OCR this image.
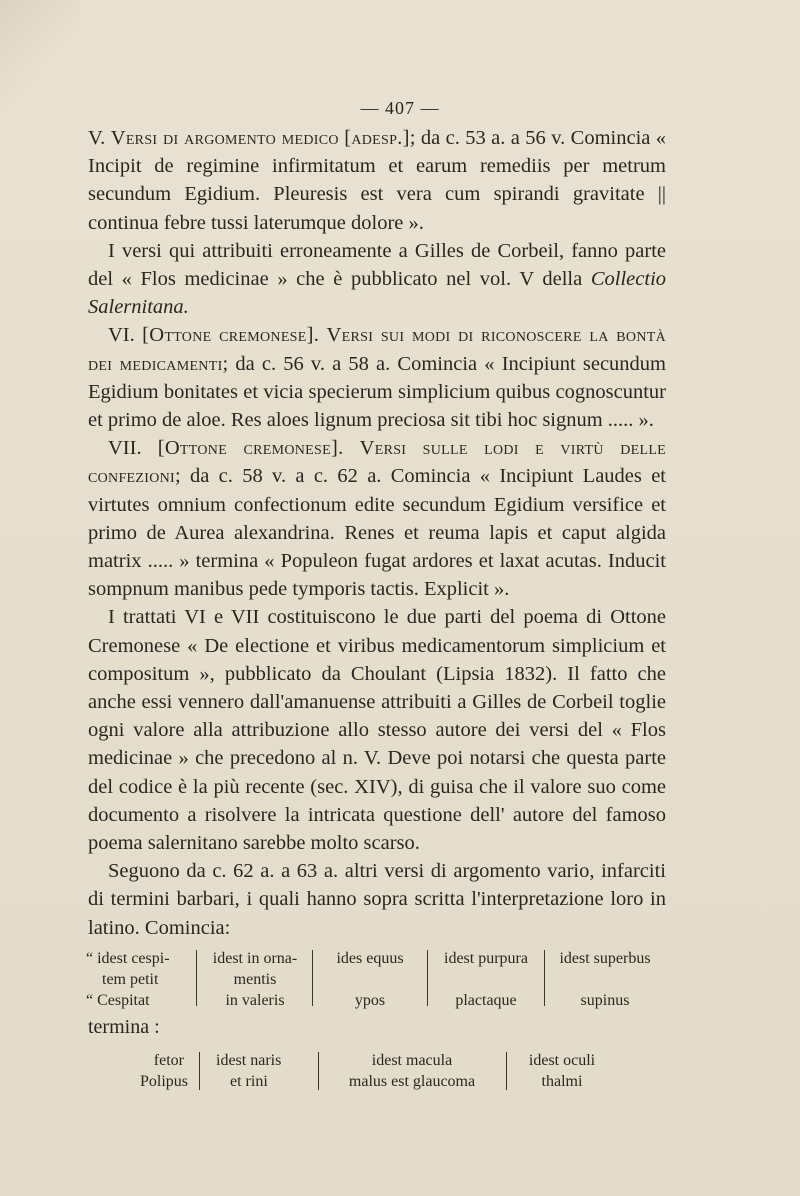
— 407 —

V. Versi di argomento medico [adesp.]; da c. 53 a. a 56 v. Comincia « Incipit de regimine infirmitatum et earum remediis per metrum secundum Egidium. Pleuresis est vera cum spirandi gravitate || continua febre tussi laterumque dolore ».

I versi qui attribuiti erroneamente a Gilles de Corbeil, fanno parte del « Flos medicinae » che è pubblicato nel vol. V della Collectio Salernitana.

VI. [Ottone cremonese]. Versi sui modi di riconoscere la bontà dei medicamenti; da c. 56 v. a 58 a. Comincia « Incipiunt secundum Egidium bonitates et vicia specierum simplicium quibus cognoscuntur et primo de aloe. Res aloes lignum preciosa sit tibi hoc signum ..... ».

VII. [Ottone cremonese]. Versi sulle lodi e virtù delle confezioni; da c. 58 v. a c. 62 a. Comincia « Incipiunt Laudes et virtutes omnium confectionum edite secundum Egidium versifice et primo de Aurea alexandrina. Renes et reuma lapis et caput algida matrix ..... » termina « Populeon fugat ardores et laxat acutas. Inducit sompnum manibus pede tymporis tactis. Explicit ».

I trattati VI e VII costituiscono le due parti del poema di Ottone Cremonese « De electione et viribus medicamentorum simplicium et compositum », pubblicato da Choulant (Lipsia 1832). Il fatto che anche essi vennero dall'amanuense attribuiti a Gilles de Corbeil toglie ogni valore alla attribuzione allo stesso autore dei versi del « Flos medicinae » che precedono al n. V. Deve poi notarsi che questa parte del codice è la più recente (sec. XIV), di guisa che il valore suo come documento a risolvere la intricata questione dell' autore del famoso poema salernitano sarebbe molto scarso.

Seguono da c. 62 a. a 63 a. altri versi di argomento vario, infarciti di termini barbari, i quali hanno sopra scritta l'interpretazione loro in latino. Comincia:

“ idest cespi-
tem petit
“ Cespitat
idest in orna-
mentis
in valeris
ides equus
ypos
idest purpura
plactaque
idest superbus
supinus
termina :
fetor
Polipus
idest naris
et rini
idest macula
malus est glaucoma
idest oculi
thalmi
